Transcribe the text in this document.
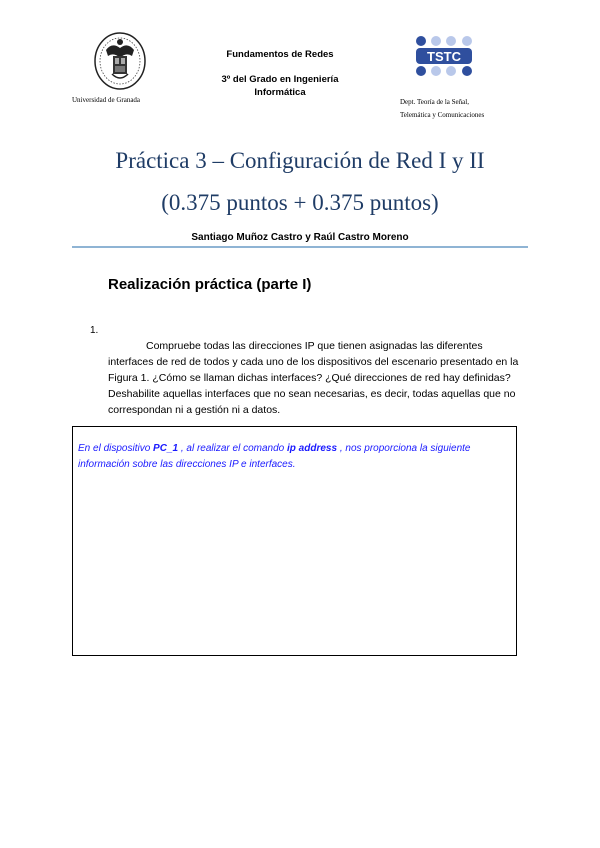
Universidad de Granada
Fundamentos de Redes
3º del Grado en Ingeniería
Informática
TSTC
Dept. Teoría de la Señal,
Telemática y Comunicaciones
Práctica 3 – Configuración de Red I y II
(0.375 puntos + 0.375 puntos)
Santiago Muñoz Castro y Raúl Castro Moreno
Realización práctica (parte I)
1.
Compruebe todas las direcciones IP que tienen asignadas las diferentes
interfaces de red de todos y cada uno de los dispositivos del escenario presentado en la Figura 1. ¿Cómo se llaman dichas interfaces? ¿Qué direcciones de red hay definidas? Deshabilite aquellas interfaces que no sean necesarias, es decir, todas aquellas que no correspondan ni a gestión ni a datos.
En el dispositivo PC_1 , al realizar el comando ip address , nos proporciona la siguiente información sobre las direcciones IP e interfaces.
